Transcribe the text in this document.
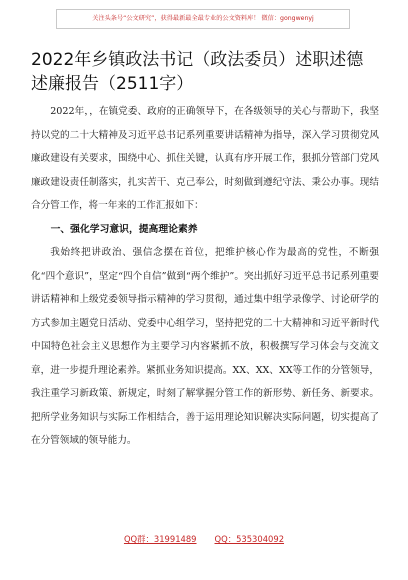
关注头条号“公文研究”，获得最新最全最专业的公文资料库！ 微信：gongwenyj
2022年乡镇政法书记（政法委员）述职述德述廉报告（2511字）

2022年，，在镇党委、政府的正确领导下，在各级领导的关心与帮助下，我坚持以党的二十大精神及习近平总书记系列重要讲话精神为指导，深入学习贯彻党风廉政建设有关要求，围绕中心、抓住关键，认真有序开展工作，狠抓分管部门党风廉政建设责任制落实，扎实苦干、克己奉公，时刻做到遵纪守法、秉公办事。现结合分管工作，将一年来的工作汇报如下：

一、强化学习意识，提高理论素养

我始终把讲政治、强信念摆在首位，把维护核心作为最高的党性，不断强化“四个意识”，坚定“四个自信”做到“两个维护”。突出抓好习近平总书记系列重要讲话精神和上级党委领导指示精神的学习贯彻，通过集中组学录像学、讨论研学的方式参加主题党日活动、党委中心组学习，坚持把党的二十大精神和习近平新时代中国特色社会主义思想作为主要学习内容紧抓不放，积极撰写学习体会与交流文章，进一步提升理论素养。紧抓业务知识提高。XX、XX、XX等工作的分管领导，我注重学习新政策、新规定，时刻了解掌握分管工作的新形势、新任务、新要求。把所学业务知识与实际工作相结合，善于运用理论知识解决实际问题，切实提高了在分管领域的领导能力。

QQ群：31991489 QQ：535304092
